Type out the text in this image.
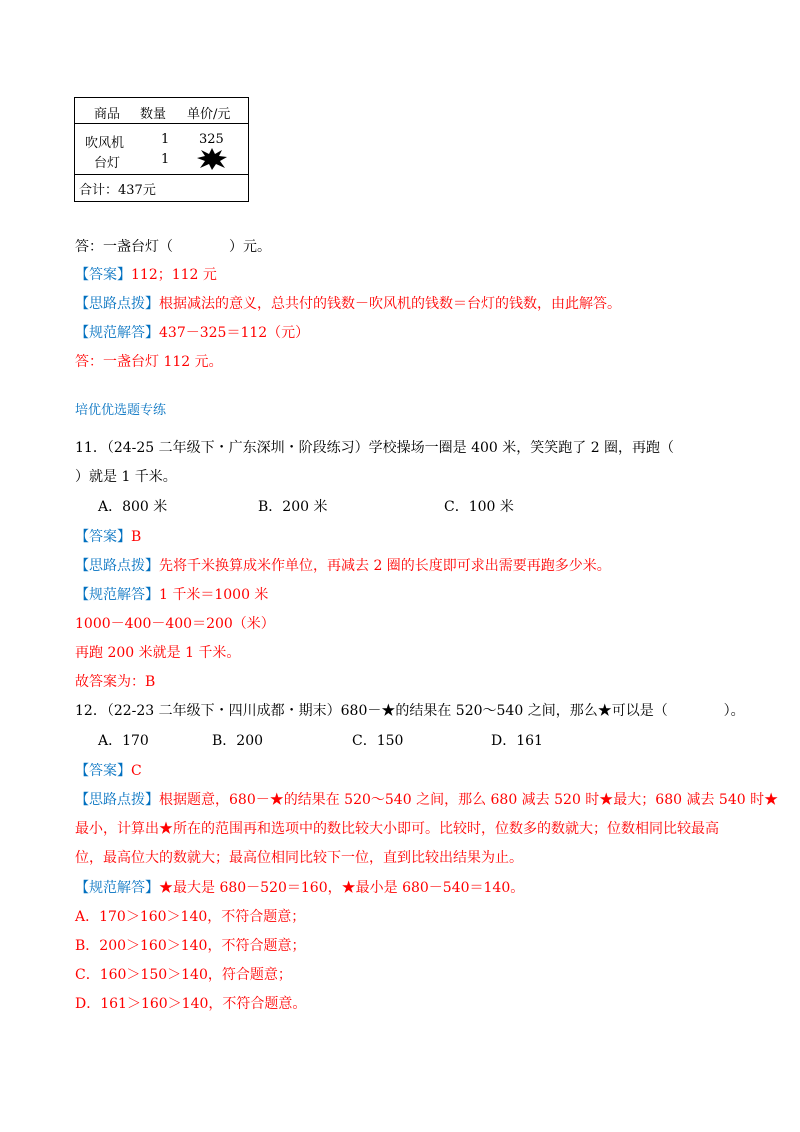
商品 数量 单价/元
吹风机	1 325
台灯	1
合计：437元
答：一盏台灯（　　　　）元。
【答案】112；112 元
【思路点拨】根据减法的意义，总共付的钱数－吹风机的钱数＝台灯的钱数，由此解答。
【规范解答】437－325＝112（元）
答：一盏台灯 112 元。
培优优选题专练
11．（24-25 二年级下・广东深圳・阶段练习）学校操场一圈是 400 米，笑笑跑了 2 圈，再跑（
）就是 1 千米。
A．800 米	B．200 米	C．100 米
【答案】B
【思路点拨】先将千米换算成米作单位，再减去 2 圈的长度即可求出需要再跑多少米。
【规范解答】1 千米＝1000 米
1000－400－400＝200（米）
再跑 200 米就是 1 千米。
故答案为：B
12．（22-23 二年级下・四川成都・期末）680－★的结果在 520～540 之间，那么★可以是（　　　　）。
A．170	B．200	C．150	D．161
【答案】C
【思路点拨】根据题意，680－★的结果在 520～540 之间，那么 680 减去 520 时★最大；680 减去 540 时★
最小，计算出★所在的范围再和选项中的数比较大小即可。比较时，位数多的数就大；位数相同比较最高
位，最高位大的数就大；最高位相同比较下一位，直到比较出结果为止。
【规范解答】★最大是 680－520＝160，★最小是 680－540＝140。
A．170＞160＞140，不符合题意；
B．200＞160＞140，不符合题意；
C．160＞150＞140，符合题意；
D．161＞160＞140，不符合题意。
